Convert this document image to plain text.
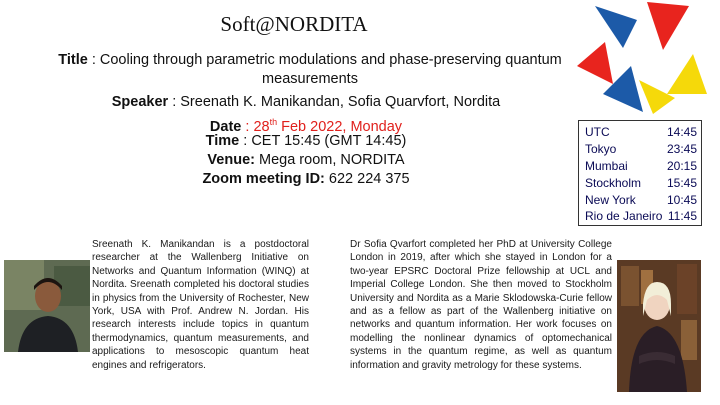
Soft@NORDITA
Title : Cooling through parametric modulations and phase-preserving quantum measurements
Speaker : Sreenath K. Manikandan, Sofia Quarvfort, Nordita
Date : 28th Feb 2022, Monday
Time : CET 15:45 (GMT 14:45)
Venue: Mega room, NORDITA
Zoom meeting ID: 622 224 375
UTC	14:45
Tokyo	23:45
Mumbai	20:15
Stockholm 15:45
New York	10:45
Rio de Janeiro 11:45
Sreenath K. Manikandan is a postdoctoral researcher at the Wallenberg Initiative on Networks and Quantum Information (WINQ) at Nordita. Sreenath completed his doctoral studies in physics from the University of Rochester, New York, USA with Prof. Andrew N. Jordan. His research interests include topics in quantum thermodynamics, quantum measurements, and applications to mesoscopic quantum heat engines and refrigerators.
Dr Sofia Qvarfort completed her PhD at University College London in 2019, after which she stayed in London for a two-year EPSRC Doctoral Prize fellowship at UCL and Imperial College London. She then moved to Stockholm University and Nordita as a Marie Sklodowska-Curie fellow and as a fellow as part of the Wallenberg initiative on networks and quantum information. Her work focuses on modelling the nonlinear dynamics of optomechanical systems in the quantum regime, as well as quantum information and gravity metrology for these systems.
